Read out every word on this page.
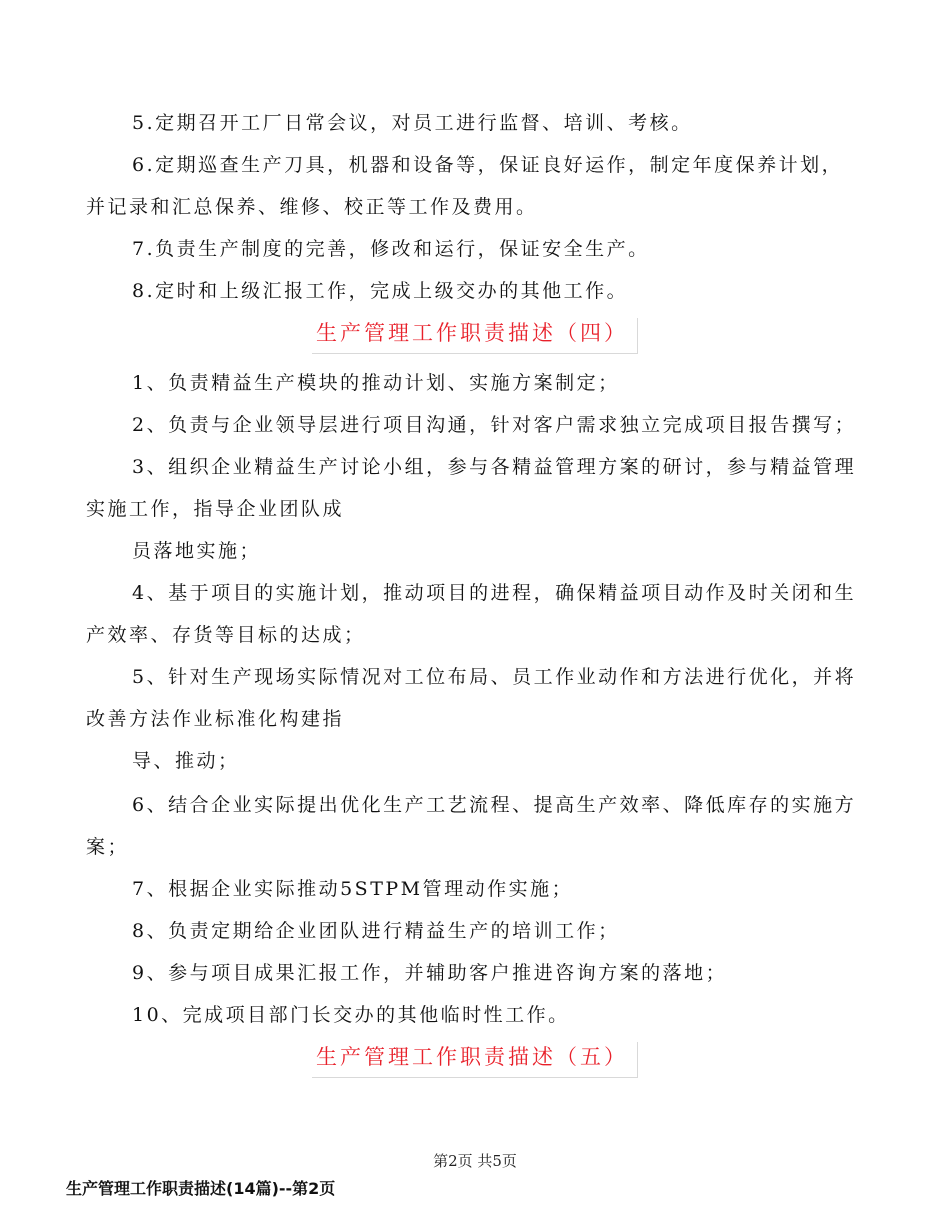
5.定期召开工厂日常会议，对员工进行监督、培训、考核。
6.定期巡查生产刀具，机器和设备等，保证良好运作，制定年度保养计划，
并记录和汇总保养、维修、校正等工作及费用。
7.负责生产制度的完善，修改和运行，保证安全生产。
8.定时和上级汇报工作，完成上级交办的其他工作。
生产管理工作职责描述（四）
1、负责精益生产模块的推动计划、实施方案制定；
2、负责与企业领导层进行项目沟通，针对客户需求独立完成项目报告撰写；
3、组织企业精益生产讨论小组，参与各精益管理方案的研讨，参与精益管理
实施工作，指导企业团队成
员落地实施；
4、基于项目的实施计划，推动项目的进程，确保精益项目动作及时关闭和生
产效率、存货等目标的达成；
5、针对生产现场实际情况对工位布局、员工作业动作和方法进行优化，并将
改善方法作业标准化构建指
导、推动；
6、结合企业实际提出优化生产工艺流程、提高生产效率、降低库存的实施方
案；
7、根据企业实际推动5STPM管理动作实施；
8、负责定期给企业团队进行精益生产的培训工作；
9、参与项目成果汇报工作，并辅助客户推进咨询方案的落地；
10、完成项目部门长交办的其他临时性工作。
生产管理工作职责描述（五）
第2页 共5页
生产管理工作职责描述(14篇)--第2页
